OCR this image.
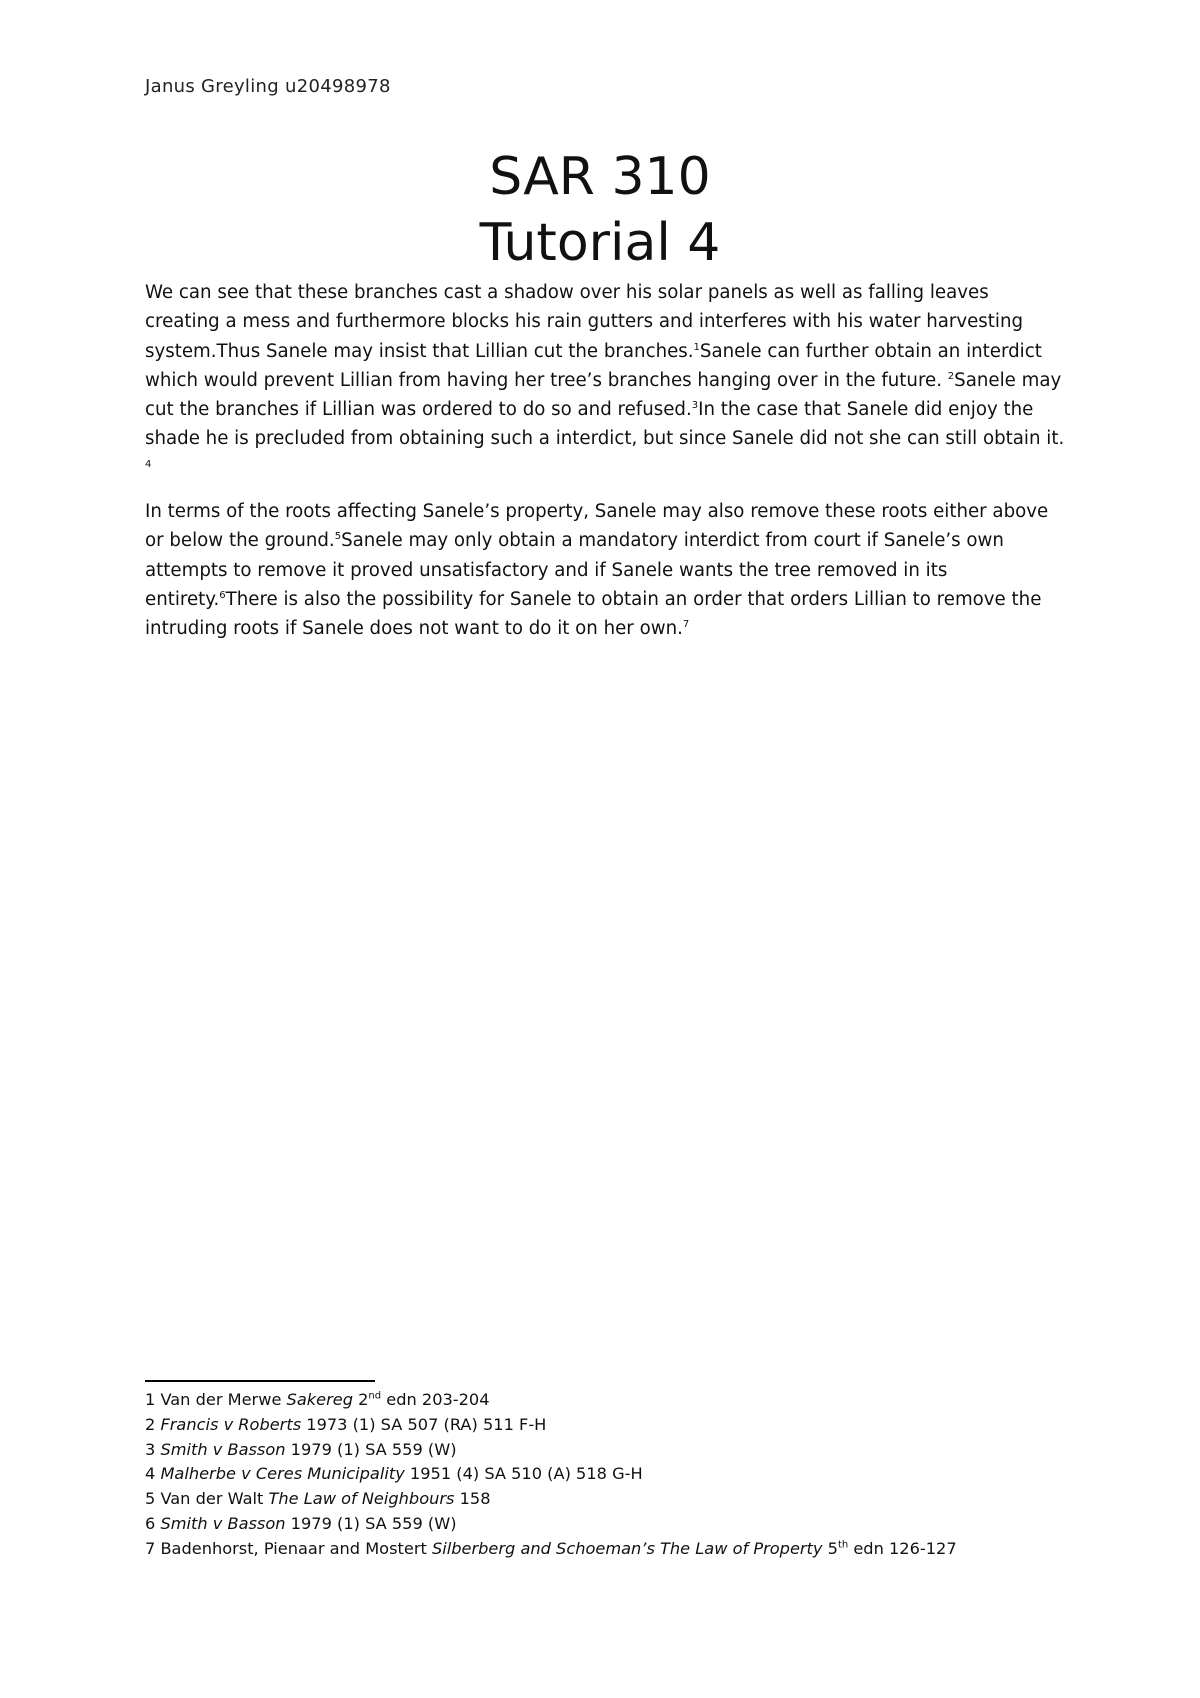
Janus Greyling u20498978
SAR 310
Tutorial 4

We can see that these branches cast a shadow over his solar panels as well as falling leaves creating a mess and furthermore blocks his rain gutters and interferes with his water harvesting system.Thus Sanele may insist that Lillian cut the branches.$^1$Sanele can further obtain an interdict which would prevent Lillian from having her tree’s branches hanging over in the future. $^2$Sanele may cut the branches if Lillian was ordered to do so and refused.$^3$In the case that Sanele did enjoy the shade he is precluded from obtaining such a interdict, but since Sanele did not she can still obtain it. $^4$

In terms of the roots affecting Sanele’s property, Sanele may also remove these roots either above or below the ground.$^5$Sanele may only obtain a mandatory interdict from court if Sanele’s own attempts to remove it proved unsatisfactory and if Sanele wants the tree removed in its entirety.$^6$There is also the possibility for Sanele to obtain an order that orders Lillian to remove the intruding roots if Sanele does not want to do it on her own.$^7$

1 Van der Merwe Sakereg 2nd edn 203-204
2 Francis v Roberts 1973 (1) SA 507 (RA) 511 F-H
3 Smith v Basson 1979 (1) SA 559 (W)
4 Malherbe v Ceres Municipality 1951 (4) SA 510 (A) 518 G-H
5 Van der Walt The Law of Neighbours 158
6 Smith v Basson 1979 (1) SA 559 (W)
7 Badenhorst, Pienaar and Mostert Silberberg and Schoeman’s The Law of Property 5th edn 126-127
